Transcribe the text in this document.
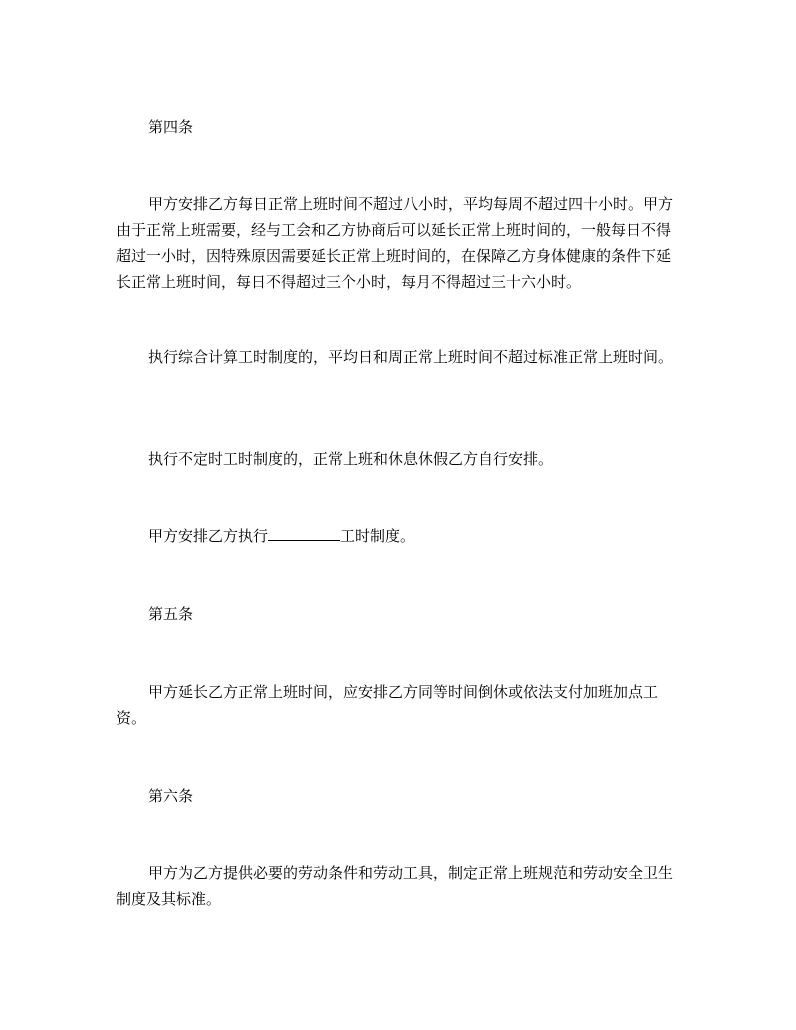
第四条

甲方安排乙方每日正常上班时间不超过八小时，平均每周不超过四十小时。甲方由于正常上班需要，经与工会和乙方协商后可以延长正常上班时间的，一般每日不得超过一小时，因特殊原因需要延长正常上班时间的，在保障乙方身体健康的条件下延长正常上班时间，每日不得超过三个小时，每月不得超过三十六小时。

执行综合计算工时制度的，平均日和周正常上班时间不超过标准正常上班时间。

执行不定时工时制度的，正常上班和休息休假乙方自行安排。

甲方安排乙方执行	工时制度。

第五条

甲方延长乙方正常上班时间，应安排乙方同等时间倒休或依法支付加班加点工资。

第六条

甲方为乙方提供必要的劳动条件和劳动工具，制定正常上班规范和劳动安全卫生制度及其标准。
